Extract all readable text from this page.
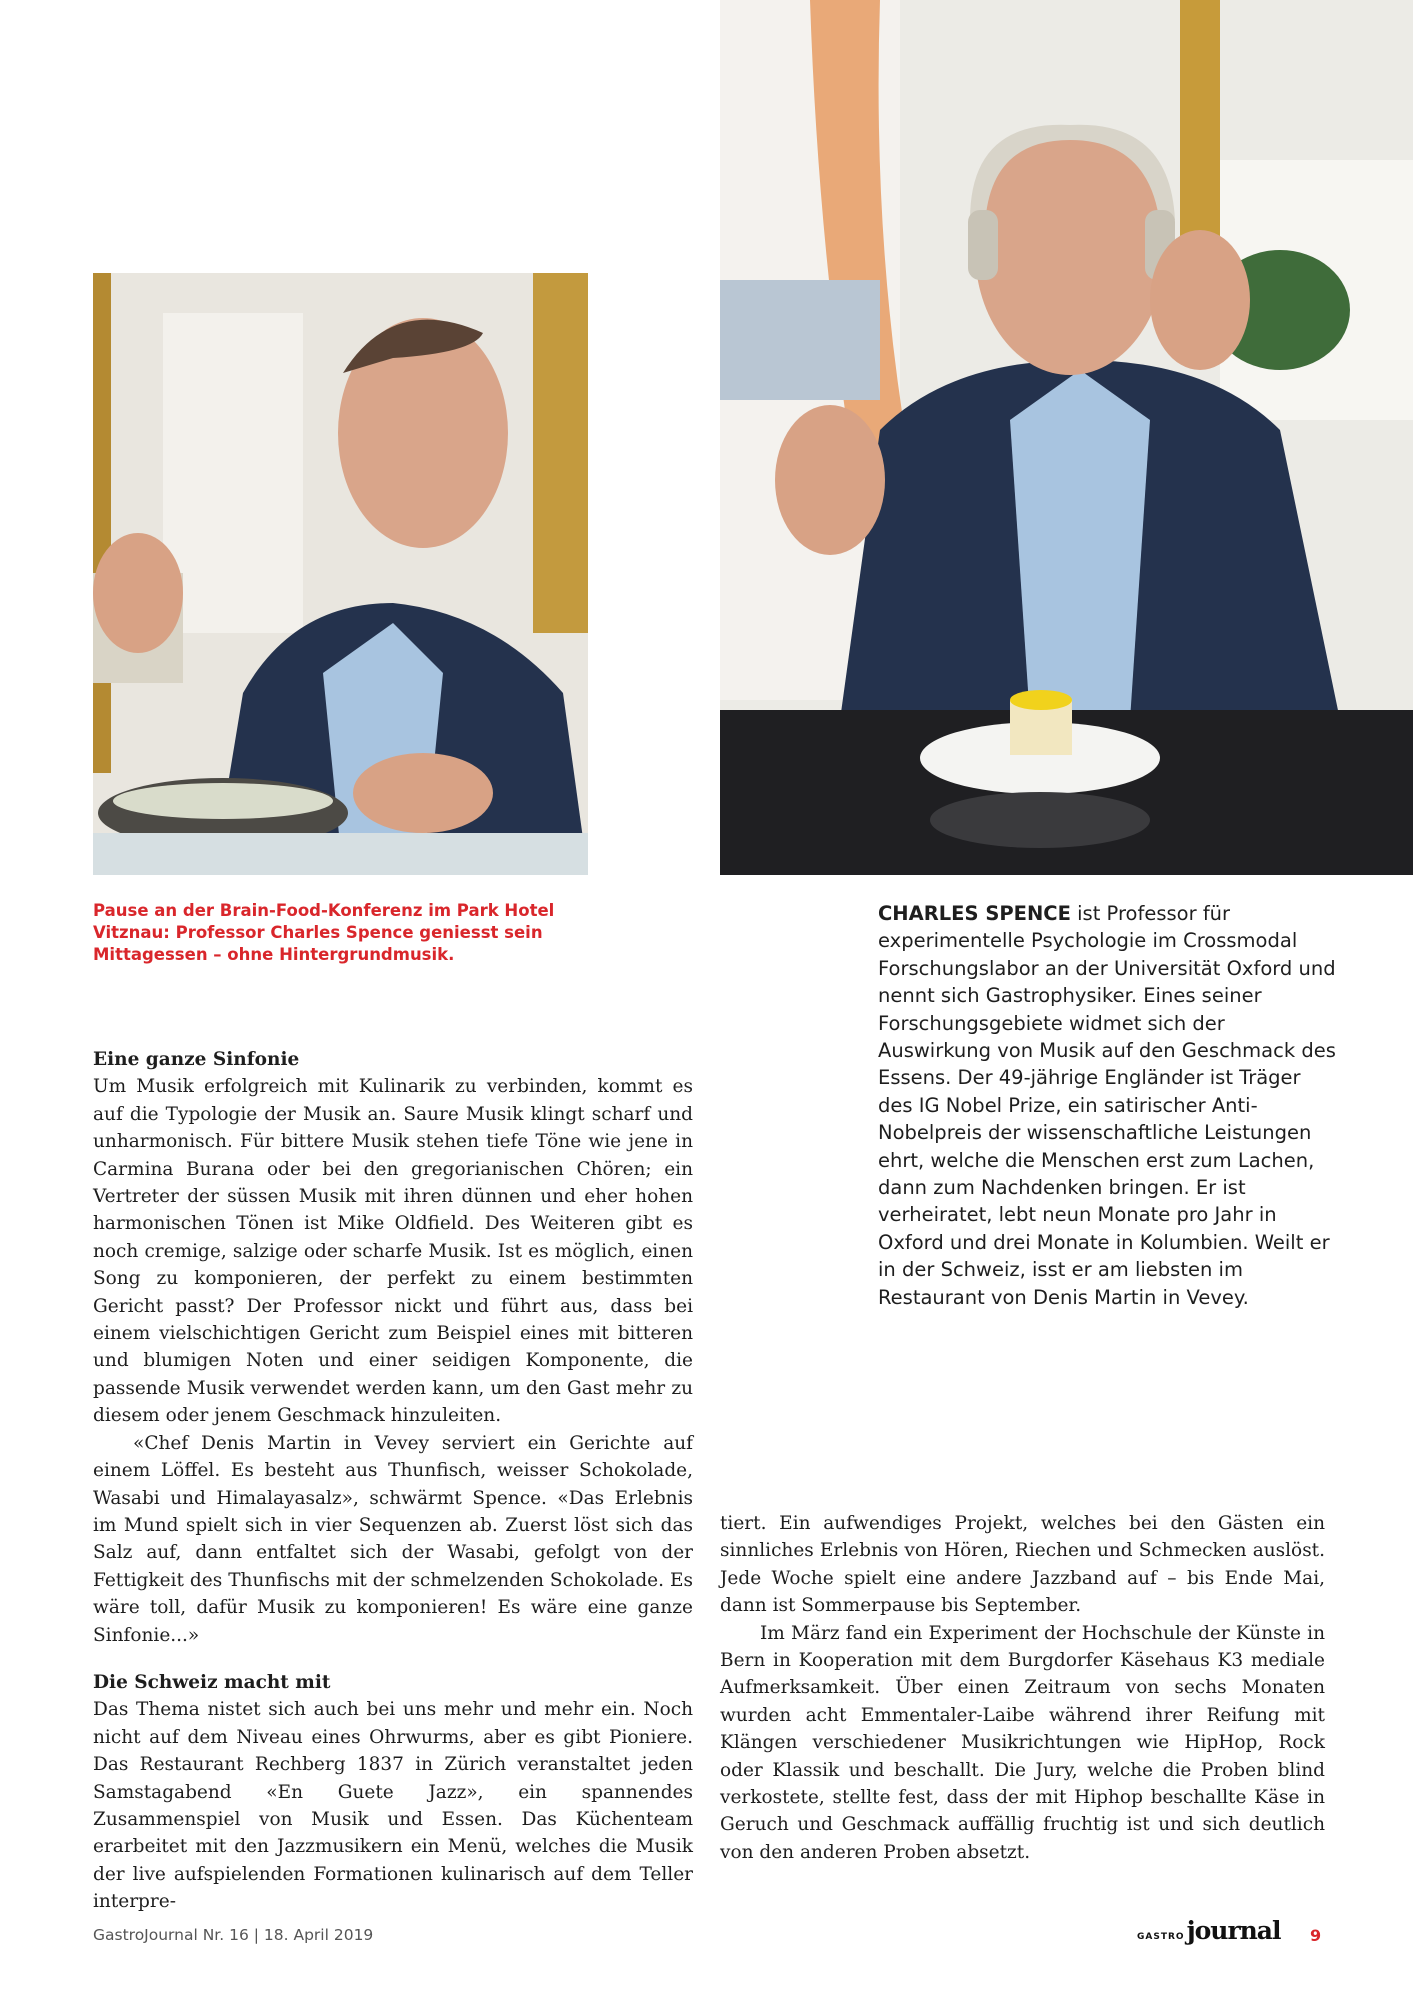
Pause an der Brain-Food-Konferenz im Park Hotel Vitznau: Professor Charles Spence geniesst sein Mittagessen – ohne Hintergrundmusik.
CHARLES SPENCE ist Professor für experimentelle Psychologie im Crossmodal Forschungslabor an der Universität Oxford und nennt sich Gastrophysiker. Eines seiner Forschungsgebiete widmet sich der Auswirkung von Musik auf den Geschmack des Essens. Der 49-jährige Engländer ist Träger des IG Nobel Prize, ein satirischer Anti-Nobelpreis der wissenschaftliche Leistungen ehrt, welche die Menschen erst zum Lachen, dann zum Nachdenken bringen. Er ist verheiratet, lebt neun Monate pro Jahr in Oxford und drei Monate in Kolumbien. Weilt er in der Schweiz, isst er am liebsten im Restaurant von Denis Martin in Vevey.
Eine ganze Sinfonie

Um Musik erfolgreich mit Kulinarik zu verbinden, kommt es auf die Typologie der Musik an. Saure Musik klingt scharf und unharmonisch. Für bittere Musik stehen tiefe Töne wie jene in Carmina Burana oder bei den gregorianischen Chören; ein Vertreter der süssen Musik mit ihren dünnen und eher hohen harmonischen Tönen ist Mike Oldfield. Des Weiteren gibt es noch cremige, salzige oder scharfe Musik. Ist es möglich, einen Song zu komponieren, der perfekt zu einem bestimmten Gericht passt? Der Professor nickt und führt aus, dass bei einem vielschichtigen Gericht zum Beispiel eines mit bitteren und blumigen Noten und einer seidigen Komponente, die passende Musik verwendet werden kann, um den Gast mehr zu diesem oder jenem Geschmack hinzuleiten.

«Chef Denis Martin in Vevey serviert ein Gerichte auf einem Löffel. Es besteht aus Thunfisch, weisser Schokolade, Wasabi und Himalayasalz», schwärmt Spence. «Das Erlebnis im Mund spielt sich in vier Sequenzen ab. Zuerst löst sich das Salz auf, dann entfaltet sich der Wasabi, gefolgt von der Fettigkeit des Thunfischs mit der schmelzenden Schokolade. Es wäre toll, dafür Musik zu komponieren! Es wäre eine ganze Sinfonie...»

Die Schweiz macht mit

Das Thema nistet sich auch bei uns mehr und mehr ein. Noch nicht auf dem Niveau eines Ohrwurms, aber es gibt Pioniere. Das Restaurant Rechberg 1837 in Zürich veranstaltet jeden Samstagabend «En Guete Jazz», ein spannendes Zusammenspiel von Musik und Essen. Das Küchenteam erarbeitet mit den Jazzmusikern ein Menü, welches die Musik der live aufspielenden Formationen kulinarisch auf dem Teller interpre-

tiert. Ein aufwendiges Projekt, welches bei den Gästen ein sinnliches Erlebnis von Hören, Riechen und Schmecken auslöst. Jede Woche spielt eine andere Jazzband auf – bis Ende Mai, dann ist Sommerpause bis September.

Im März fand ein Experiment der Hochschule der Künste in Bern in Kooperation mit dem Burgdorfer Käsehaus K3 mediale Aufmerksamkeit. Über einen Zeitraum von sechs Monaten wurden acht Emmentaler-Laibe während ihrer Reifung mit Klängen verschiedener Musikrichtungen wie HipHop, Rock oder Klassik und beschallt. Die Jury, welche die Proben blind verkostete, stellte fest, dass der mit Hiphop beschallte Käse in Geruch und Geschmack auffällig fruchtig ist und sich deutlich von den anderen Proben absetzt.

GastroJournal Nr. 16 | 18. April 2019	GASTRO journal 9
